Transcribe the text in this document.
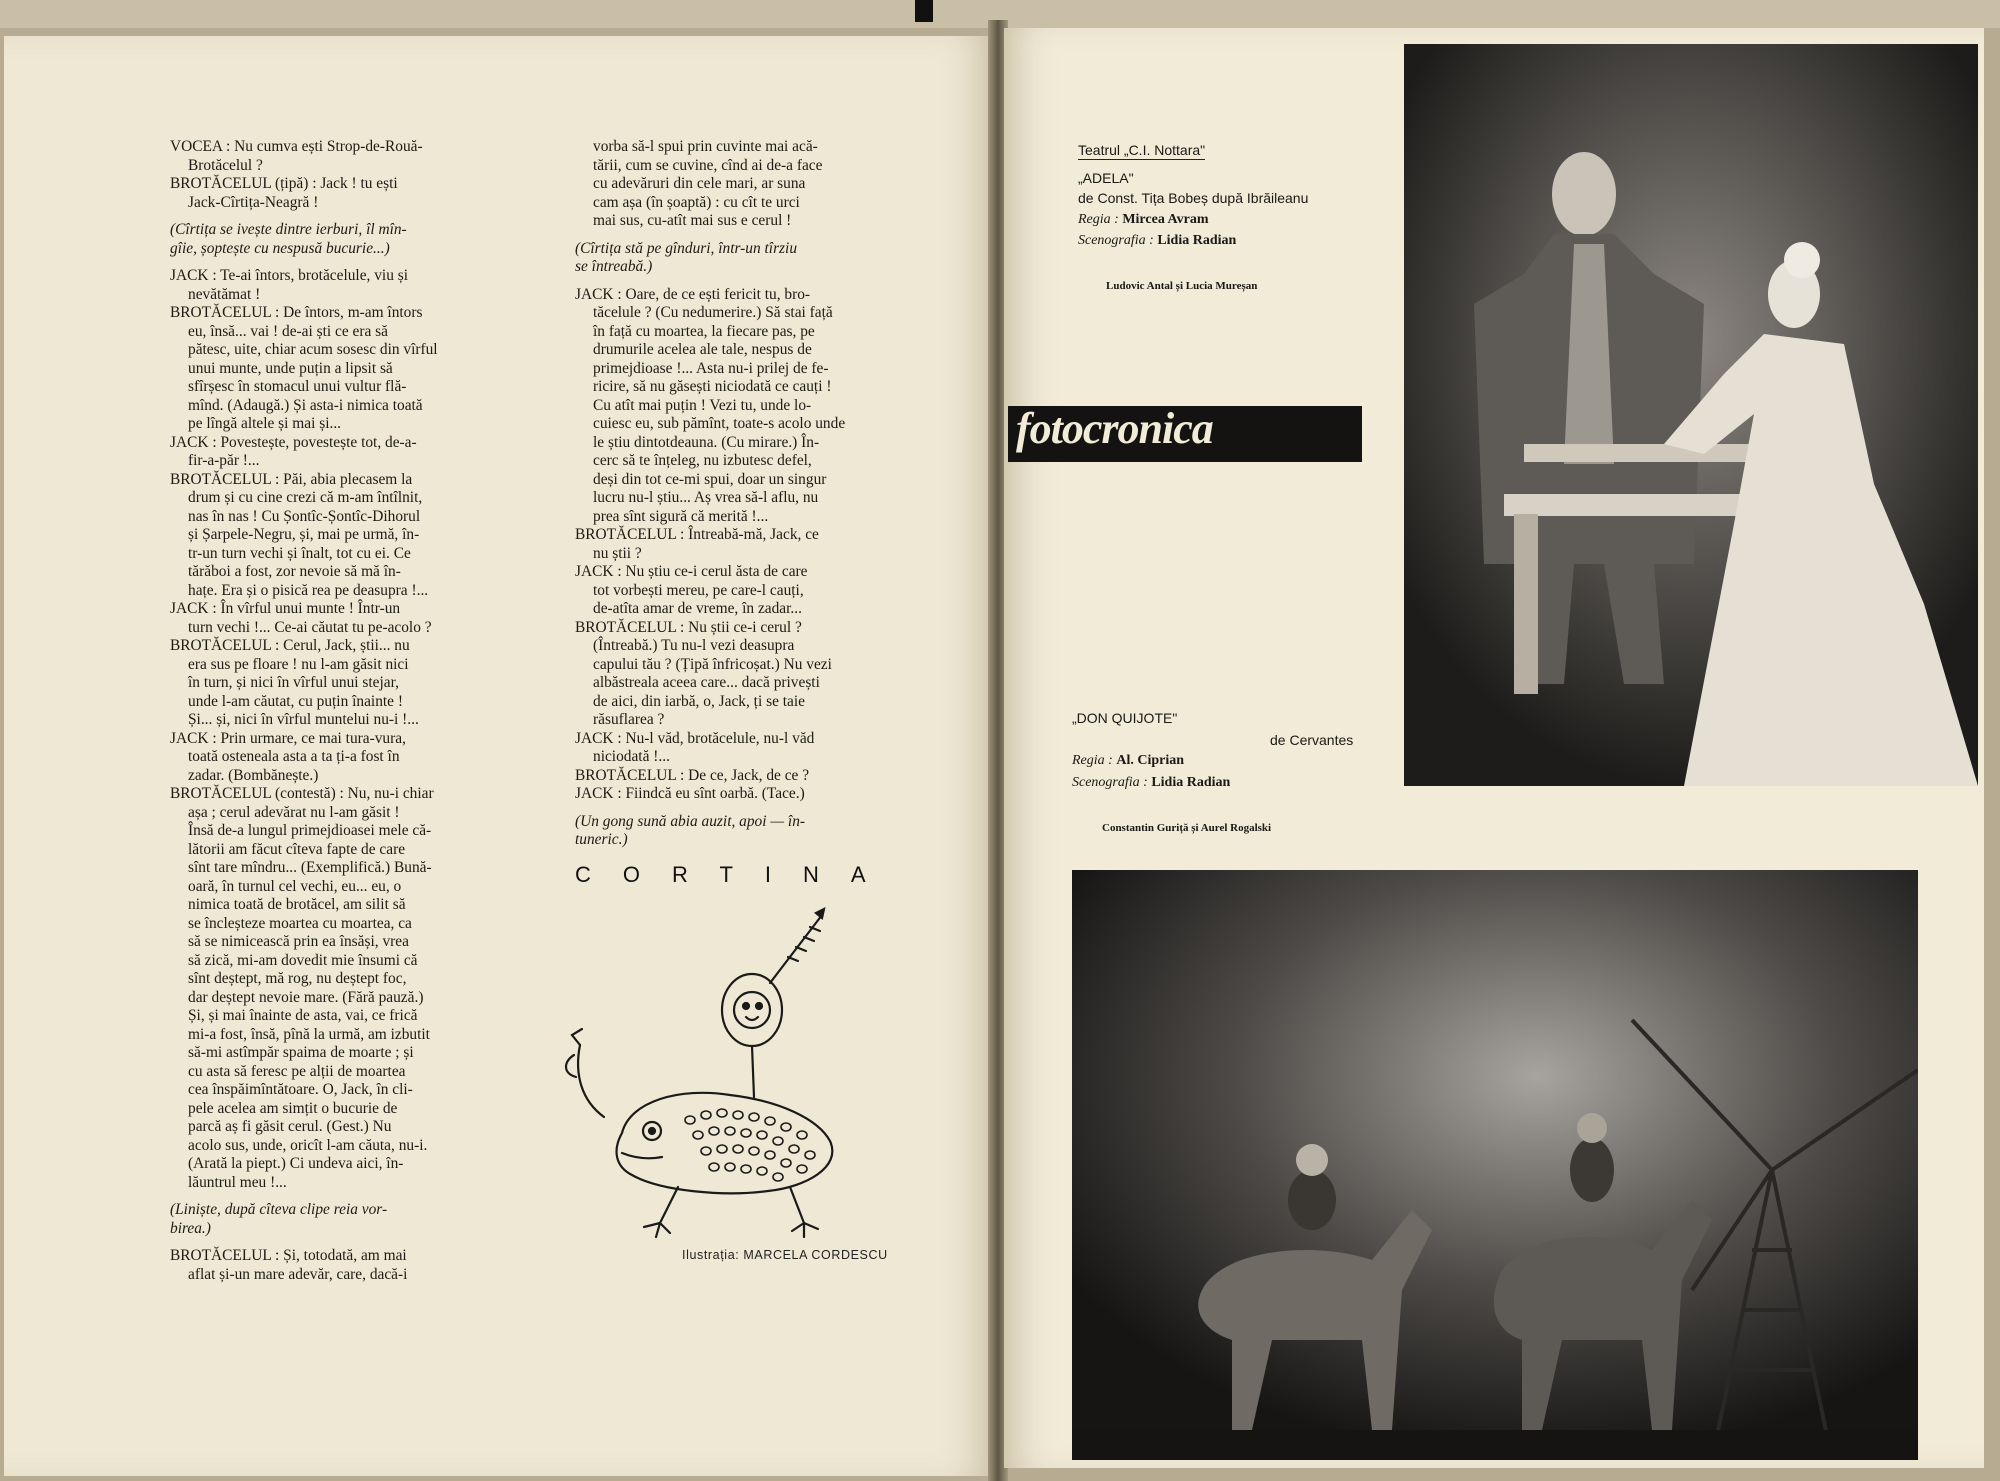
VOCEA : Nu cumva ești Strop-de-Rouă-
Brotăcelul ?
BROTĂCELUL (țipă) : Jack ! tu ești
Jack-Cîrtița-Neagră !
(Cîrtița se ivește dintre ierburi, îl mîn-
gîie, șoptește cu nespusă bucurie...)
JACK : Te-ai întors, brotăcelule, viu și
nevătămat !
BROTĂCELUL : De întors, m-am întors
eu, însă... vai ! de-ai ști ce era să
pătesc, uite, chiar acum sosesc din vîrful
unui munte, unde puțin a lipsit să
sfîrșesc în stomacul unui vultur flă-
mînd. (Adaugă.) Și asta-i nimica toată
pe lîngă altele și mai și...
JACK : Povestește, povestește tot, de-a-
fir-a-păr !...
BROTĂCELUL : Păi, abia plecasem la
drum și cu cine crezi că m-am întîlnit,
nas în nas ! Cu Șontîc-Șontîc-Dihorul
și Șarpele-Negru, și, mai pe urmă, în-
tr-un turn vechi și înalt, tot cu ei. Ce
tărăboi a fost, zor nevoie să mă în-
hațe. Era și o pisică rea pe deasupra !...
JACK : În vîrful unui munte ! Într-un
turn vechi !... Ce-ai căutat tu pe-acolo ?
BROTĂCELUL : Cerul, Jack, știi... nu
era sus pe floare ! nu l-am găsit nici
în turn, și nici în vîrful unui stejar,
unde l-am căutat, cu puțin înainte !
Și... și, nici în vîrful muntelui nu-i !...
JACK : Prin urmare, ce mai tura-vura,
toată osteneala asta a ta ți-a fost în
zadar. (Bombănește.)
BROTĂCELUL (contestă) : Nu, nu-i chiar
așa ; cerul adevărat nu l-am găsit !
Însă de-a lungul primejdioasei mele că-
lătorii am făcut cîteva fapte de care
sînt tare mîndru... (Exemplifică.) Bună-
oară, în turnul cel vechi, eu... eu, o
nimica toată de brotăcel, am silit să
se încleșteze moartea cu moartea, ca
să se nimicească prin ea însăși, vrea
să zică, mi-am dovedit mie însumi că
sînt deștept, mă rog, nu deștept foc,
dar deștept nevoie mare. (Fără pauză.)
Și, și mai înainte de asta, vai, ce frică
mi-a fost, însă, pînă la urmă, am izbutit
să-mi astîmpăr spaima de moarte ; și
cu asta să feresc pe alții de moartea
cea înspăimîntătoare. O, Jack, în cli-
pele acelea am simțit o bucurie de
parcă aș fi găsit cerul. (Gest.) Nu
acolo sus, unde, oricît l-am căuta, nu-i.
(Arată la piept.) Ci undeva aici, în-
lăuntrul meu !...
(Liniște, după cîteva clipe reia vor-
birea.)
BROTĂCELUL : Și, totodată, am mai
aflat și-un mare adevăr, care, dacă-i
vorba să-l spui prin cuvinte mai acă-
tării, cum se cuvine, cînd ai de-a face
cu adevăruri din cele mari, ar suna
cam așa (în șoaptă) : cu cît te urci
mai sus, cu-atît mai sus e cerul !
(Cîrtița stă pe gînduri, într-un tîrziu
se întreabă.)
JACK : Oare, de ce ești fericit tu, bro-
tăcelule ? (Cu nedumerire.) Să stai față
în față cu moartea, la fiecare pas, pe
drumurile acelea ale tale, nespus de
primejdioase !... Asta nu-i prilej de fe-
ricire, să nu găsești niciodată ce cauți !
Cu atît mai puțin ! Vezi tu, unde lo-
cuiesc eu, sub pămînt, toate-s acolo unde
le știu dintotdeauna. (Cu mirare.) În-
cerc să te înțeleg, nu izbutesc defel,
deși din tot ce-mi spui, doar un singur
lucru nu-l știu... Aș vrea să-l aflu, nu
prea sînt sigură că merită !...
BROTĂCELUL : Întreabă-mă, Jack, ce
nu știi ?
JACK : Nu știu ce-i cerul ăsta de care
tot vorbești mereu, pe care-l cauți,
de-atîta amar de vreme, în zadar...
BROTĂCELUL : Nu știi ce-i cerul ?
(Întreabă.) Tu nu-l vezi deasupra
capului tău ? (Țipă înfricoșat.) Nu vezi
albăstreala aceea care... dacă privești
de aici, din iarbă, o, Jack, ți se taie
răsuflarea ?
JACK : Nu-l văd, brotăcelule, nu-l văd
niciodată !...
BROTĂCELUL : De ce, Jack, de ce ?
JACK : Fiindcă eu sînt oarbă. (Tace.)
(Un gong sună abia auzit, apoi — în-
tuneric.)
CORTINA
Ilustrația: MARCELA CORDESCU
Teatrul „C.I. Nottara"
„ADELA"
de Const. Tița Bobeș după Ibrăileanu
Regia : Mircea Avram
Scenografia : Lidia Radian
Ludovic Antal și Lucia Mureșan
fotocronica
„DON QUIJOTE"
de Cervantes
Regia : Al. Ciprian
Scenografia : Lidia Radian
Constantin Guriță și Aurel Rogalski
